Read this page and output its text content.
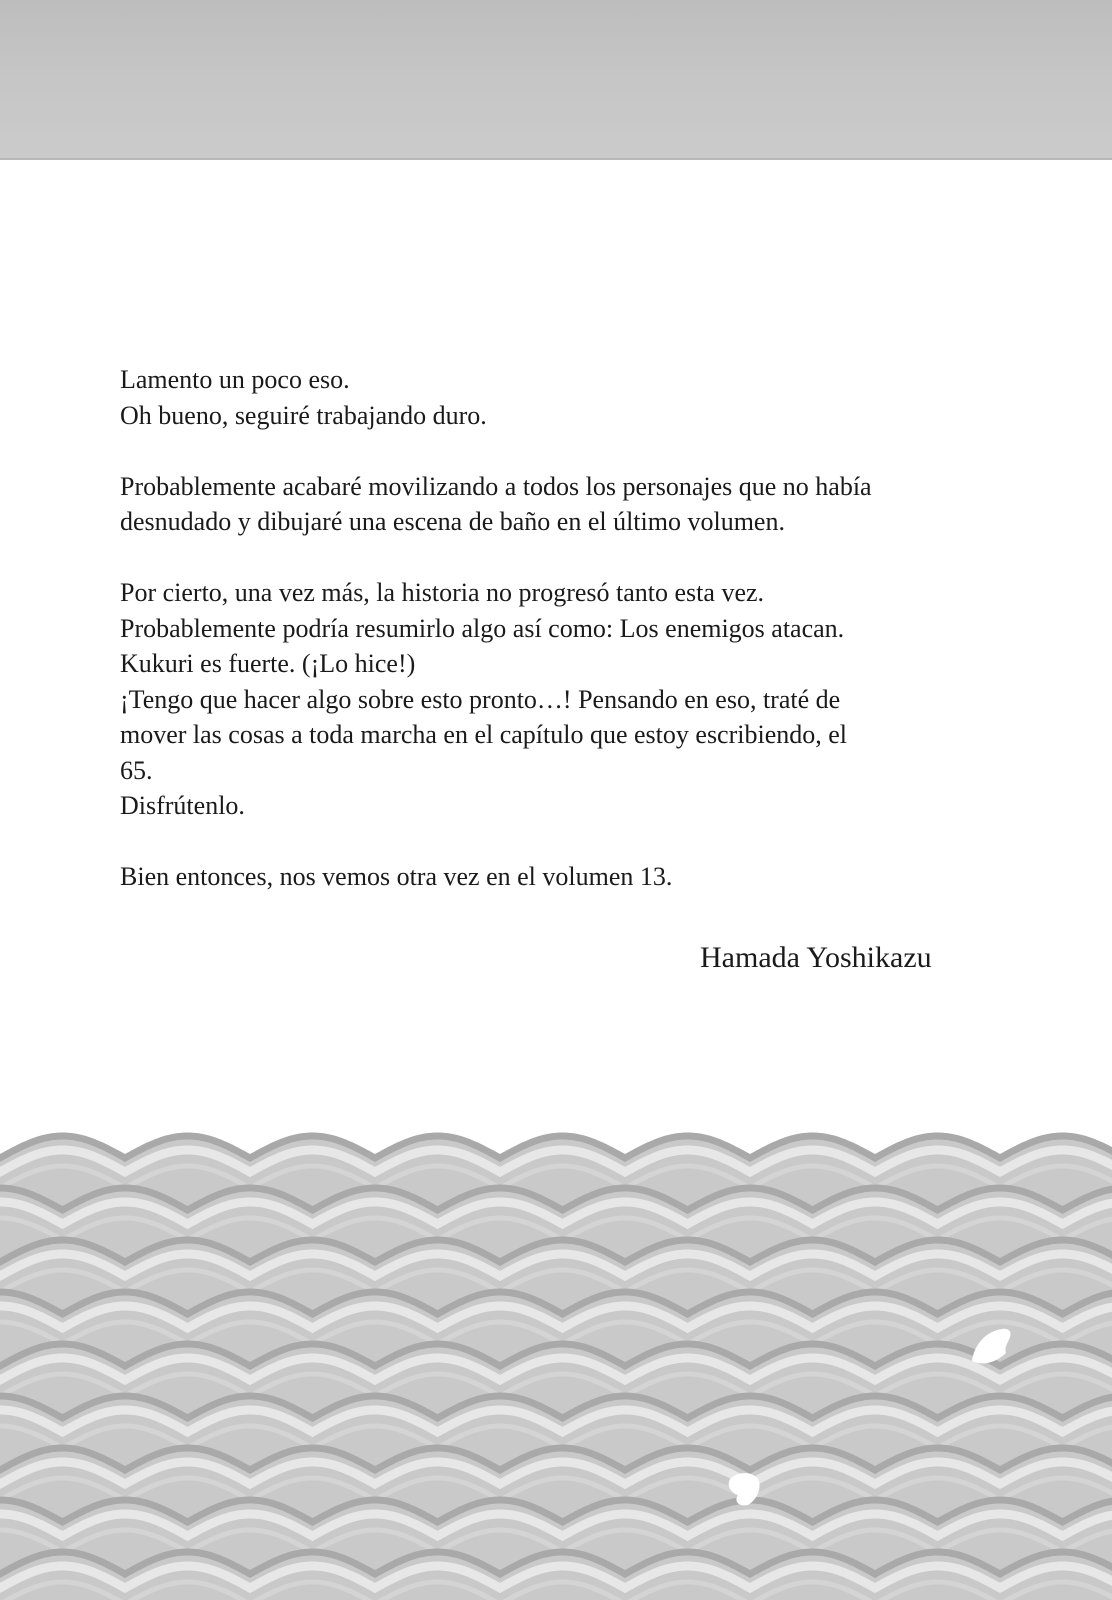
Lamento un poco eso.
Oh bueno, seguiré trabajando duro.

Probablemente acabaré movilizando a todos los personajes que no había
desnudado y dibujaré una escena de baño en el último volumen.

Por cierto, una vez más, la historia no progresó tanto esta vez.
Probablemente podría resumirlo algo así como: Los enemigos atacan.
Kukuri es fuerte. (¡Lo hice!)
¡Tengo que hacer algo sobre esto pronto…! Pensando en eso, traté de
mover las cosas a toda marcha en el capítulo que estoy escribiendo, el
65.
Disfrútenlo.

Bien entonces, nos vemos otra vez en el volumen 13.

Hamada Yoshikazu
